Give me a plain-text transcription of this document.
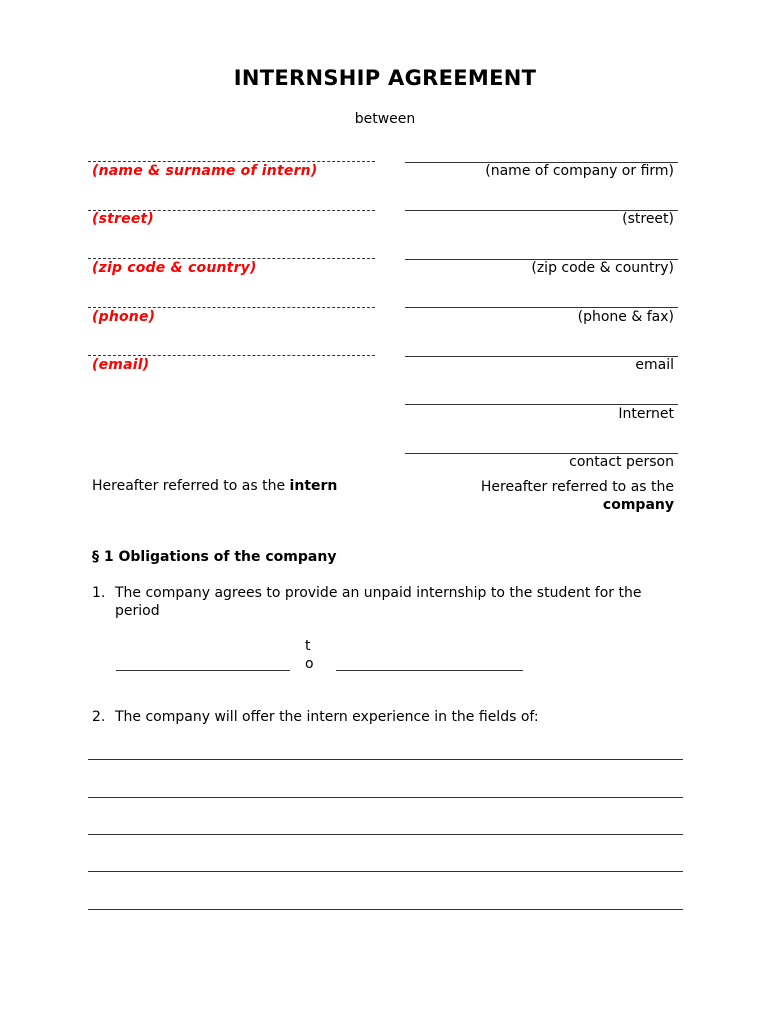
INTERNSHIP AGREEMENT
between
(name & surname of intern)
(street)
(zip code & country)
(phone)
(email)
(name of company or firm)
(street)
(zip code & country)
(phone & fax)
email
Internet
contact person
Hereafter referred to as the intern	Hereafter referred to as the
company
§ 1 Obligations of the company
1. The company agrees to provide an unpaid internship to the student for the period
to
2. The company will offer the intern experience in the fields of:
